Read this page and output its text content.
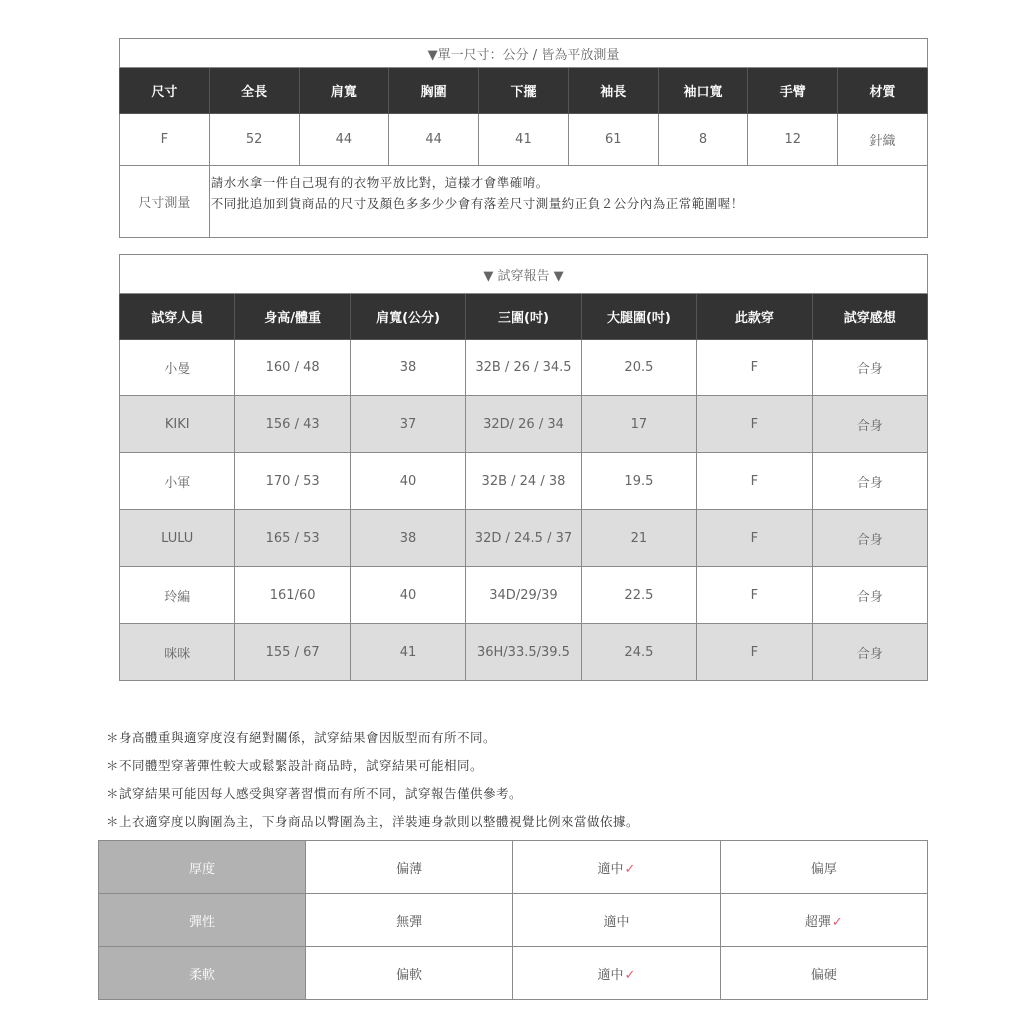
▼單一尺寸：公分 / 皆為平放測量								
尺寸	全長	肩寬	胸圍	下擺	袖長	袖口寬	手臂	材質
F	52	44	44	41	61	8	12	針織
尺寸測量	請水水拿一件自己現有的衣物平放比對，這樣才會準確唷。
不同批追加到貨商品的尺寸及顏色多多少少會有落差尺寸測量約正負２公分內為正常範圍喔！							
▼ 試穿報告 ▼						
試穿人員	身高/體重	肩寬(公分)	三圍(吋)	大腿圍(吋)	此款穿	試穿感想
小曼	160 / 48	38	32B / 26 / 34.5	20.5	F	合身
KIKI	156 / 43	37	32D/ 26 / 34	17	F	合身
小軍	170 / 53	40	32B / 24 / 38	19.5	F	合身
LULU	165 / 53	38	32D / 24.5 / 37	21	F	合身
玲編	161/60	40	34D/29/39	22.5	F	合身
咪咪	155 / 67	41	36H/33.5/39.5	24.5	F	合身
＊身高體重與適穿度沒有絕對關係，試穿結果會因版型而有所不同。
＊不同體型穿著彈性較大或鬆緊設計商品時，試穿結果可能相同。
＊試穿結果可能因每人感受與穿著習慣而有所不同，試穿報告僅供參考。
＊上衣適穿度以胸圍為主，下身商品以臀圍為主，洋裝連身款則以整體視覺比例來當做依據。
厚度	偏薄	適中✓	偏厚
彈性	無彈	適中	超彈✓
柔軟	偏軟	適中✓	偏硬
